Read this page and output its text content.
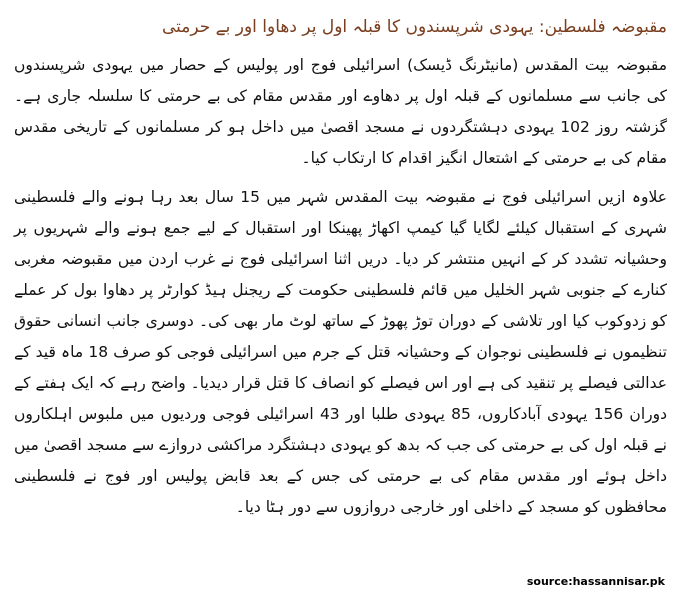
مقبوضہ فلسطین: یہودی شرپسندوں کا قبلہ اول پر دھاوا اور بے حرمتی

مقبوضہ بیت المقدس (مانیٹرنگ ڈیسک) اسرائیلی فوج اور پولیس کے حصار میں یہودی شرپسندوں کی جانب سے مسلمانوں کے قبلہ اول پر دھاوے اور مقدس مقام کی بے حرمتی کا سلسلہ جاری ہے۔ گزشتہ روز 102 یہودی دہشتگردوں نے مسجد اقصیٰ میں داخل ہو کر مسلمانوں کے تاریخی مقدس مقام کی بے حرمتی کے اشتعال انگیز اقدام کا ارتکاب کیا۔

علاوہ ازیں اسرائیلی فوج نے مقبوضہ بیت المقدس شہر میں 15 سال بعد رہا ہونے والے فلسطینی شہری کے استقبال کیلئے لگایا گیا کیمپ اکھاڑ پھینکا اور استقبال کے لیے جمع ہونے والے شہریوں پر وحشیانہ تشدد کر کے انہیں منتشر کر دیا۔ دریں اثنا اسرائیلی فوج نے غرب اردن میں مقبوضہ مغربی کنارے کے جنوبی شہر الخلیل میں قائم فلسطینی حکومت کے ریجنل ہیڈ کوارٹر پر دھاوا بول کر عملے کو زدوکوب کیا اور تلاشی کے دوران توڑ پھوڑ کے ساتھ لوٹ مار بھی کی۔ دوسری جانب انسانی حقوق تنظیموں نے فلسطینی نوجوان کے وحشیانہ قتل کے جرم میں اسرائیلی فوجی کو صرف 18 ماہ قید کے عدالتی فیصلے پر تنقید کی ہے اور اس فیصلے کو انصاف کا قتل قرار دیدیا۔ واضح رہے کہ ایک ہفتے کے دوران 156 یہودی آبادکاروں، 85 یہودی طلبا اور 43 اسرائیلی فوجی وردیوں میں ملبوس اہلکاروں نے قبلہ اول کی بے حرمتی کی جب کہ بدھ کو یہودی دہشتگرد مراکشی دروازے سے مسجد اقصیٰ میں داخل ہوئے اور مقدس مقام کی بے حرمتی کی جس کے بعد قابض پولیس اور فوج نے فلسطینی محافظوں کو مسجد کے داخلی اور خارجی دروازوں سے دور ہٹا دیا۔

source:hassannisar.pk
